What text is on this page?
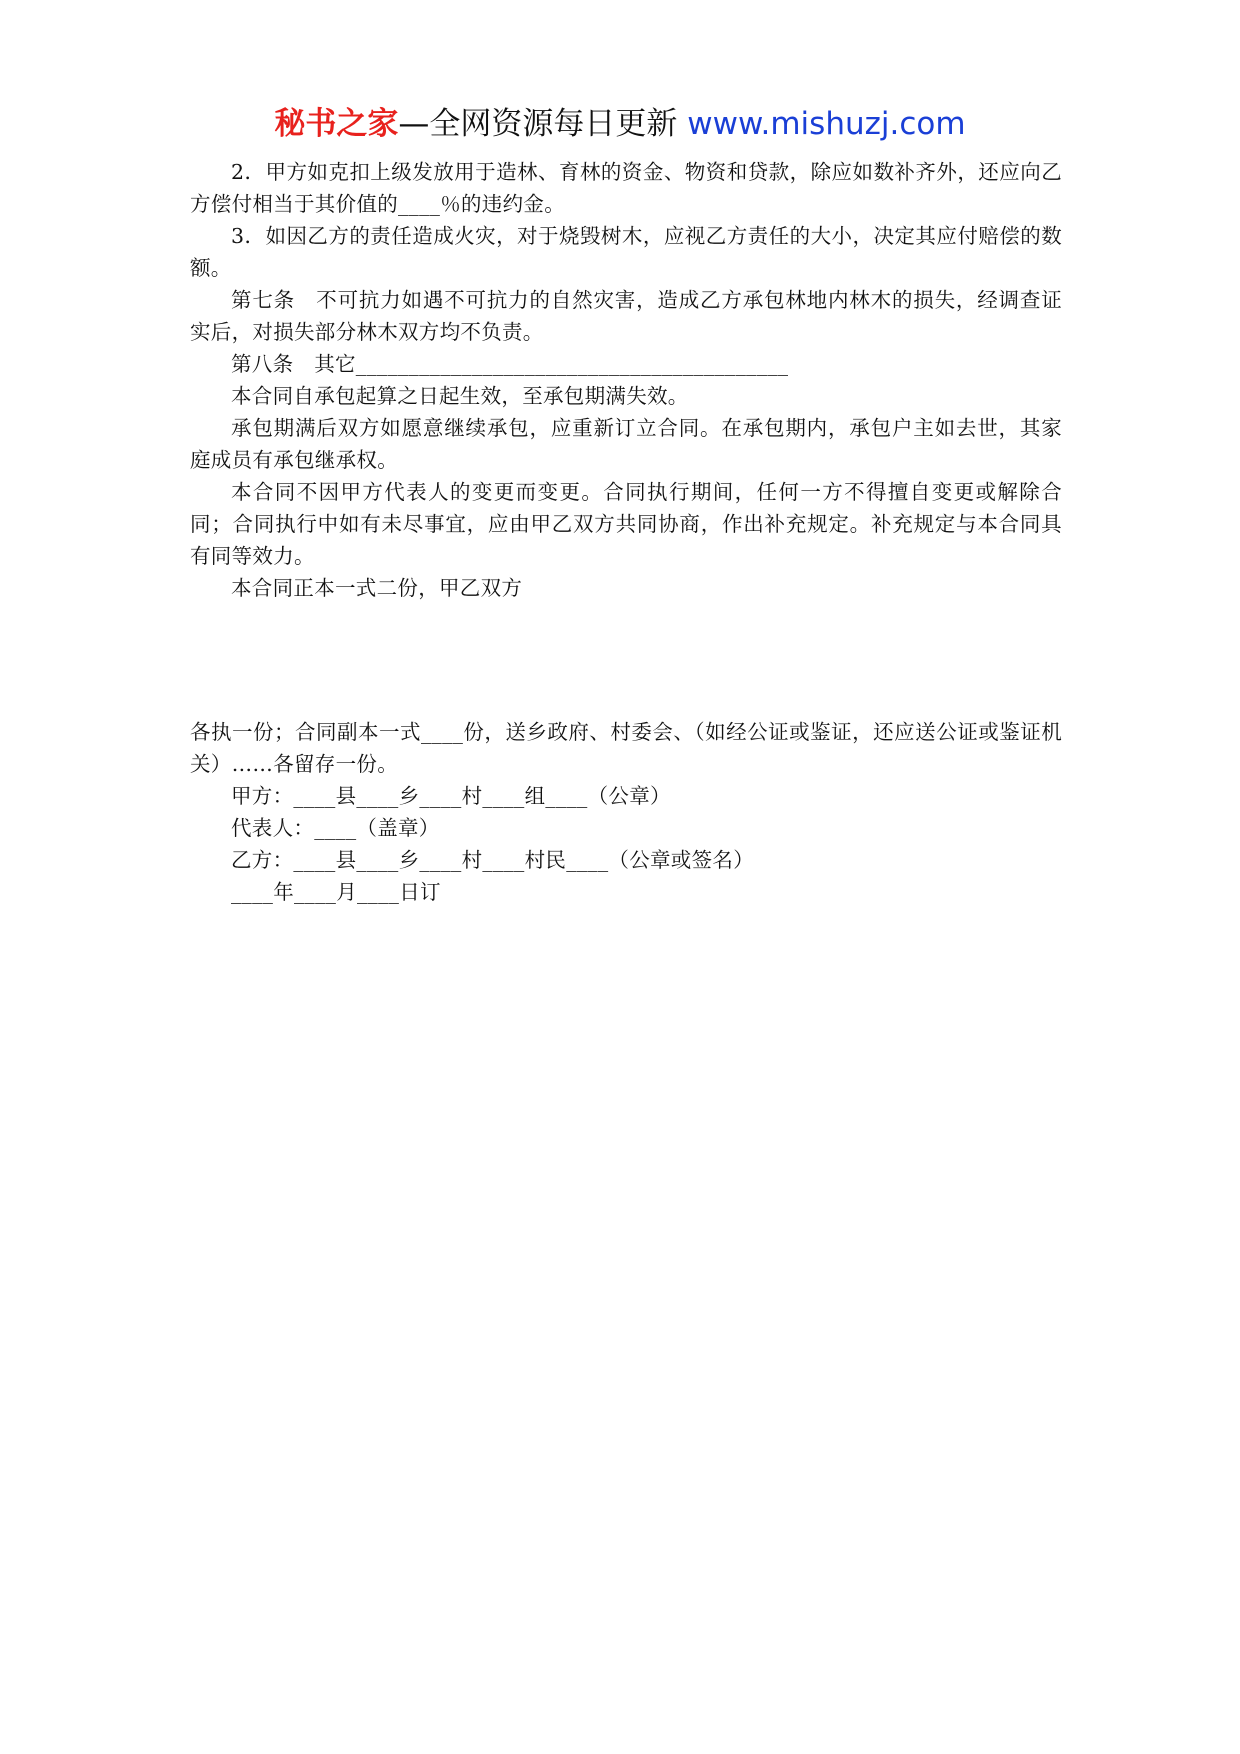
秘书之家—全网资源每日更新 www.mishuzj.com

2．甲方如克扣上级发放用于造林、育林的资金、物资和贷款，除应如数补齐外，还应向乙方偿付相当于其价值的____％的违约金。

3．如因乙方的责任造成火灾，对于烧毁树木，应视乙方责任的大小，决定其应付赔偿的数额。

第七条　不可抗力如遇不可抗力的自然灾害，造成乙方承包林地内林木的损失，经调查证实后，对损失部分林木双方均不负责。

第八条　其它_________________________________________

本合同自承包起算之日起生效，至承包期满失效。

承包期满后双方如愿意继续承包，应重新订立合同。在承包期内，承包户主如去世，其家庭成员有承包继承权。

本合同不因甲方代表人的变更而变更。合同执行期间，任何一方不得擅自变更或解除合同；合同执行中如有未尽事宜，应由甲乙双方共同协商，作出补充规定。补充规定与本合同具有同等效力。

本合同正本一式二份，甲乙双方

各执一份；合同副本一式____份，送乡政府、村委会、（如经公证或鉴证，还应送公证或鉴证机关）……各留存一份。

甲方：____县____乡____村____组____（公章）

代表人：____（盖章）

乙方：____县____乡____村____村民____（公章或签名）

____年____月____日订
